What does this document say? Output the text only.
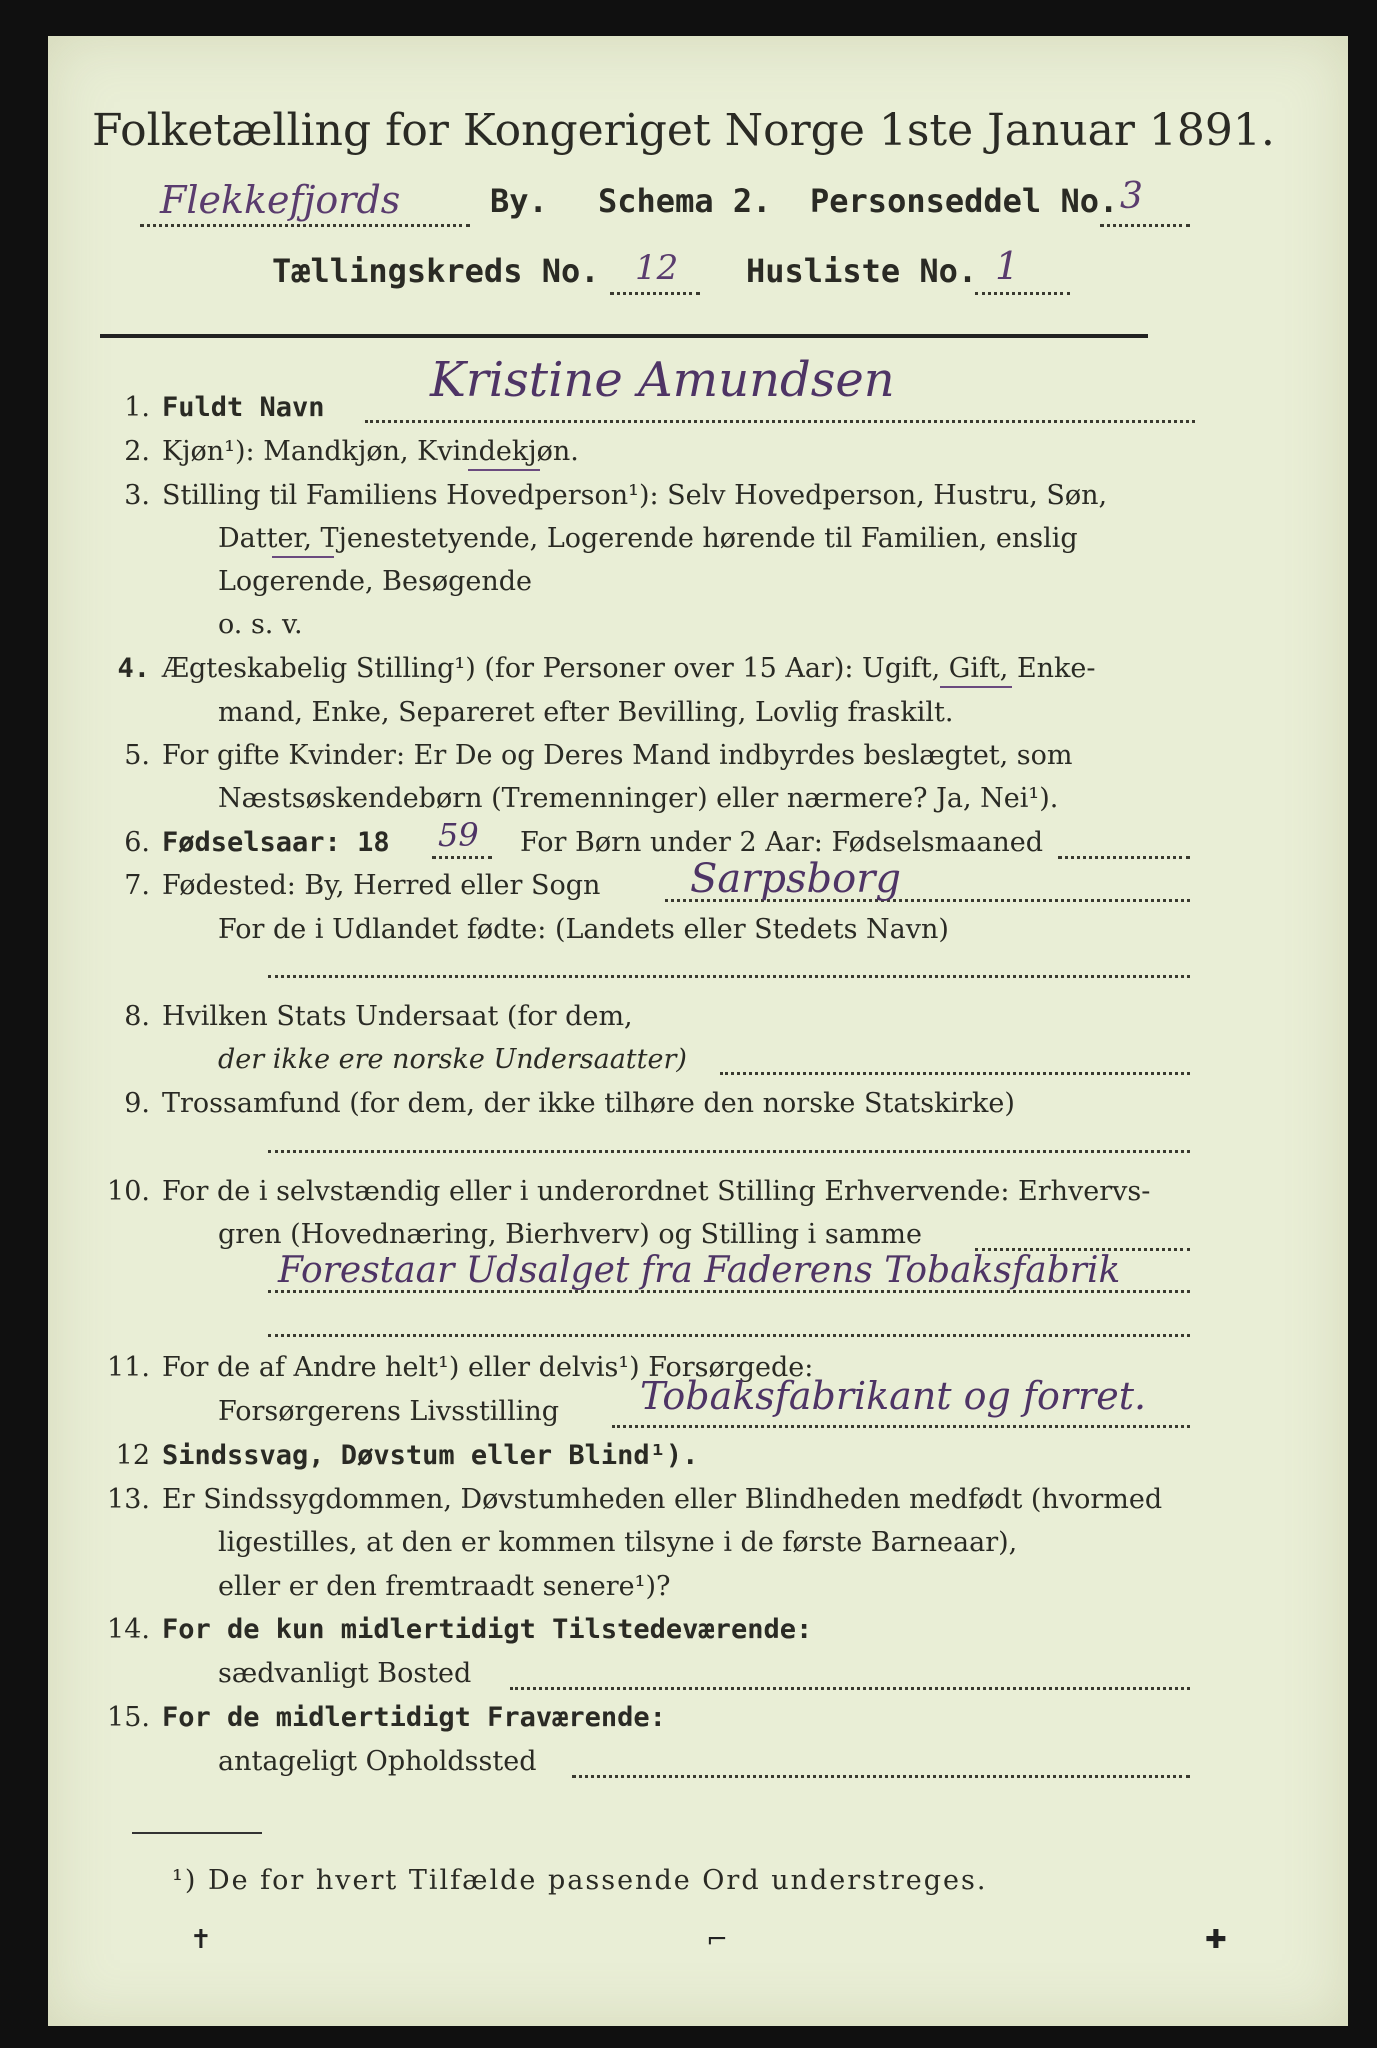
Folketælling for Kongeriget Norge 1ste Januar 1891.
Flekkefjords	By. Schema 2. Personseddel No. 3
Tællingskreds No. 12 Husliste No. 1
1. Fuldt Navn Kristine Amundsen
2. Kjøn¹): Mandkjøn, Kvindekjøn.
3. Stilling til Familiens Hovedperson¹): Selv Hovedperson, Hustru, Søn,
Datter, Tjenestetyende, Logerende hørende til Familien, enslig
Logerende, Besøgende
o. s. v.
4. Ægteskabelig Stilling¹) (for Personer over 15 Aar): Ugift, Gift, Enke-
mand, Enke, Separeret efter Bevilling, Lovlig fraskilt.
5. For gifte Kvinder: Er De og Deres Mand indbyrdes beslægtet, som
Næstsøskendebørn (Tremenninger) eller nærmere? Ja, Nei¹).
6. Fødselsaar: 18 59 For Børn under 2 Aar: Fødselsmaaned
7. Fødested: By, Herred eller Sogn Sarpsborg
For de i Udlandet fødte: (Landets eller Stedets Navn)
8. Hvilken Stats Undersaat (for dem,
der ikke ere norske Undersaatter)
9. Trossamfund (for dem, der ikke tilhøre den norske Statskirke)
10. For de i selvstændig eller i underordnet Stilling Erhvervende: Erhvervs-
gren (Hovednæring, Bierhverv) og Stilling i samme
Forestaar Udsalget fra Faderens Tobaksfabrik
11. For de af Andre helt¹) eller delvis¹) Forsørgede:
Forsørgerens Livsstilling Tobaksfabrikant og forret.
12 Sindssvag, Døvstum eller Blind¹).
13. Er Sindssygdommen, Døvstumheden eller Blindheden medfødt (hvormed
ligestilles, at den er kommen tilsyne i de første Barneaar),
eller er den fremtraadt senere¹)?
14. For de kun midlertidigt Tilstedeværende:
sædvanligt Bosted
15. For de midlertidigt Fraværende:
antageligt Opholdssted
¹) De for hvert Tilfælde passende Ord understreges.
✝	⌐	✚
